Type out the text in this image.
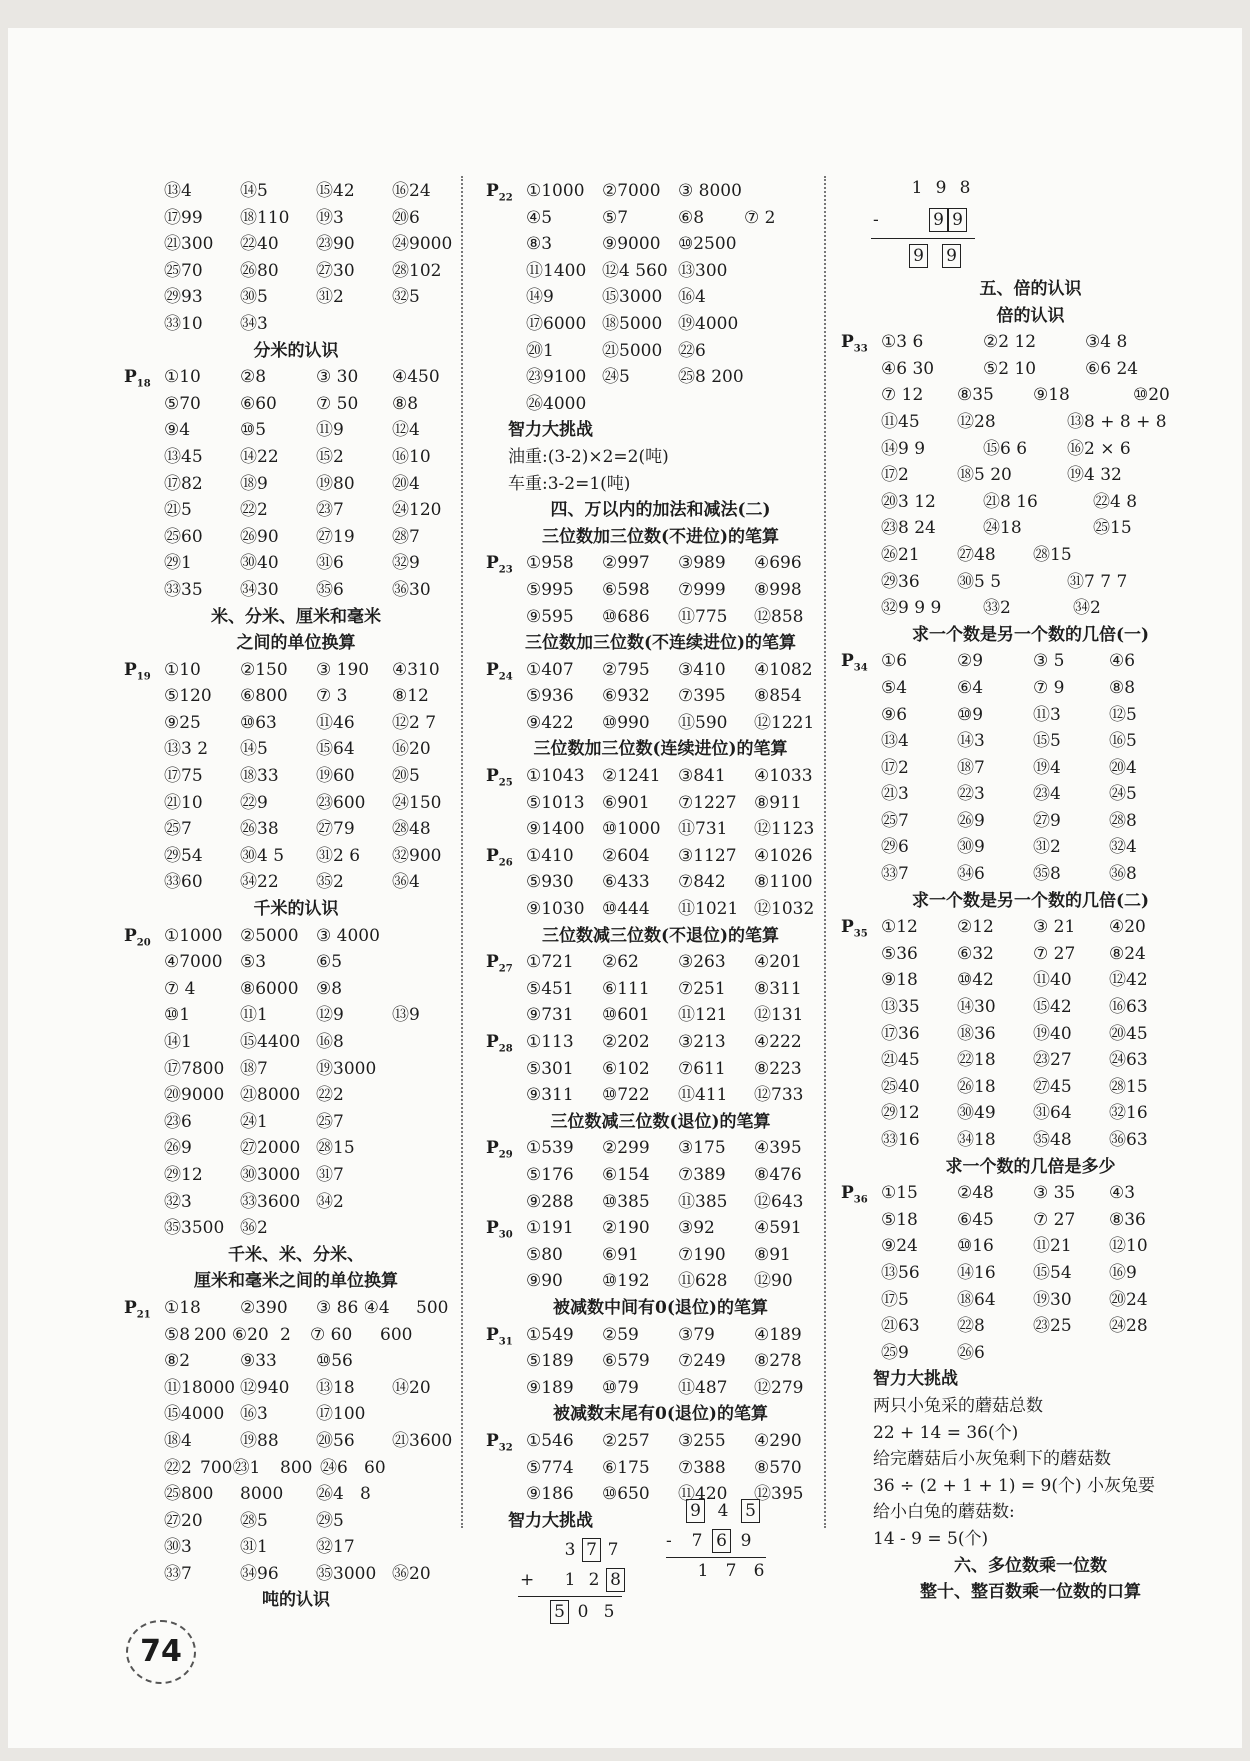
⑬4	⑭5	⑮42 ⑯24
⑰99 ⑱110 ⑲3	⑳6
㉑300 ㉒40 ㉓90 ㉔9000
㉕70 ㉖80 ㉗30 ㉘102
㉙93 ㉚5	㉛2	㉜5
㉝10 ㉞3
分米的认识
$P_{18}$ ①10 ②8	③ 30 ④450
⑤70 ⑥60 ⑦ 50 ⑧8
⑨4	⑩5	⑪9	⑫4
⑬45 ⑭22 ⑮2	⑯10
⑰82 ⑱9	⑲80 ⑳4
㉑5	㉒2	㉓7	㉔120
㉕60 ㉖90 ㉗19 ㉘7
㉙1	㉚40 ㉛6	㉜9
㉝35 ㉞30 ㉟6	㊱30
米、分米、厘米和毫米
之间的单位换算
$P_{19}$ ①10 ②150 ③ 190 ④310
⑤120 ⑥800 ⑦ 3	⑧12
⑨25 ⑩63 ⑪46 ⑫2 7
⑬3 2 ⑭5	⑮64 ⑯20
⑰75 ⑱33 ⑲60 ⑳5
㉑10 ㉒9	㉓600 ㉔150
㉕7	㉖38 ㉗79 ㉘48
㉙54 ㉚4 5 ㉛2 6 ㉜900
㉝60 ㉞22 ㉟2	㊱4
千米的认识
$P_{20}$ ①1000 ②5000 ③ 4000
④7000 ⑤3	⑥5
⑦ 4	⑧6000 ⑨8
⑩1	⑪1	⑫9	⑬9
⑭1	⑮4400 ⑯8
⑰7800 ⑱7	⑲3000
⑳9000 ㉑8000 ㉒2
㉓6	㉔1	㉕7
㉖9	㉗2000 ㉘15
㉙12 ㉚3000 ㉛7
㉜3	㉝3600 ㉞2
㉟3500 ㊱2
千米、米、分米、
厘米和毫米之间的单位换算
$P_{21}$ ①18 ②390 ③ 86 ④4 500
⑤8 200 ⑥20 2 ⑦ 60 600
⑧2	⑨33 ⑩56
⑪18000 ⑫940 ⑬18 ⑭20
⑮4000 ⑯3	⑰100
⑱4	⑲88 ⑳56 ㉑3600
㉒2 700㉓1 800 ㉔6 60
㉕800 8000 ㉖4 8
㉗20 ㉘5	㉙5
㉚3	㉛1	㉜17
㉝7	㉞96 ㉟3000 ㊱20
吨的认识
$P_{22}$ ①1000 ②7000 ③ 8000
④5	⑤7	⑥8 ⑦ 2
⑧3	⑨9000 ⑩2500
⑪1400 ⑫4 560 ⑬300
⑭9	⑮3000 ⑯4
⑰6000 ⑱5000 ⑲4000
⑳1	㉑5000 ㉒6
㉓9100 ㉔5	㉕8 200
㉖4000
智力大挑战
油重:(3-2)×2=2(吨)
车重:3-2=1(吨)
四、万以内的加法和减法(二)
三位数加三位数(不进位)的笔算
$P_{23}$ ①958 ②997 ③989 ④696
⑤995 ⑥598 ⑦999 ⑧998
⑨595 ⑩686 ⑪775 ⑫858
三位数加三位数(不连续进位)的笔算
$P_{24}$ ①407 ②795 ③410 ④1082
⑤936 ⑥932 ⑦395 ⑧854
⑨422 ⑩990 ⑪590 ⑫1221
三位数加三位数(连续进位)的笔算
$P_{25}$ ①1043 ②1241 ③841 ④1033
⑤1013 ⑥901 ⑦1227 ⑧911
⑨1400 ⑩1000 ⑪731 ⑫1123
$P_{26}$ ①410 ②604 ③1127 ④1026
⑤930 ⑥433 ⑦842 ⑧1100
⑨1030 ⑩444 ⑪1021 ⑫1032
三位数减三位数(不退位)的笔算
$P_{27}$ ①721 ②62 ③263 ④201
⑤451 ⑥111 ⑦251 ⑧311
⑨731 ⑩601 ⑪121 ⑫131
$P_{28}$ ①113 ②202 ③213 ④222
⑤301 ⑥102 ⑦611 ⑧223
⑨311 ⑩722 ⑪411 ⑫733
三位数减三位数(退位)的笔算
$P_{29}$ ①539 ②299 ③175 ④395
⑤176 ⑥154 ⑦389 ⑧476
⑨288 ⑩385 ⑪385 ⑫643
$P_{30}$ ①191 ②190 ③92 ④591
⑤80 ⑥91 ⑦190 ⑧91
⑨90 ⑩192 ⑪628 ⑫90
被减数中间有0(退位)的笔算
$P_{31}$ ①549 ②59 ③79 ④189
⑤189 ⑥579 ⑦249 ⑧278
⑨189 ⑩79 ⑪487 ⑫279
被减数末尾有0(退位)的笔算
$P_{32}$ ①546 ②257 ③255 ④290
⑤774 ⑥175 ⑦388 ⑧570
⑨186 ⑩650 ⑪420 ⑫395
智力大挑战
3 7 7
+ 1 2 8
5 0 5
9 4 5
- 7 6 9
1 7 6
1 9 8
-	9 9
9 9
五、倍的认识
倍的认识
$P_{33}$ ①3 6	②2 12	③4 8
④6 30	⑤2 10	⑥6 24
⑦ 12 ⑧35 ⑨18	⑩20
⑪45 ⑫28	⑬8 + 8 + 8
⑭9 9	⑮6 6 ⑯2 × 6
⑰2	⑱5 20	⑲4 32
⑳3 12	㉑8 16	㉒4 8
㉓8 24	㉔18	㉕15
㉖21 ㉗48 ㉘15
㉙36 ㉚5 5	㉛7 7 7
㉜9 9 9 ㉝2	㉞2
求一个数是另一个数的几倍(一)
$P_{34}$ ①6	②9	③ 5	④6
⑤4	⑥4	⑦ 9	⑧8
⑨6	⑩9	⑪3	⑫5
⑬4	⑭3	⑮5	⑯5
⑰2	⑱7	⑲4	⑳4
㉑3	㉒3	㉓4	㉔5
㉕7	㉖9	㉗9	㉘8
㉙6	㉚9	㉛2	㉜4
㉝7	㉞6	㉟8	㊱8
求一个数是另一个数的几倍(二)
$P_{35}$ ①12 ②12 ③ 21 ④20
⑤36 ⑥32 ⑦ 27 ⑧24
⑨18 ⑩42 ⑪40 ⑫42
⑬35 ⑭30 ⑮42 ⑯63
⑰36 ⑱36 ⑲40 ⑳45
㉑45 ㉒18 ㉓27 ㉔63
㉕40 ㉖18 ㉗45 ㉘15
㉙12 ㉚49 ㉛64 ㉜16
㉝16 ㉞18 ㉟48 ㊱63
求一个数的几倍是多少
$P_{36}$ ①15 ②48 ③ 35 ④3
⑤18 ⑥45 ⑦ 27 ⑧36
⑨24 ⑩16 ⑪21 ⑫10
⑬56 ⑭16 ⑮54 ⑯9
⑰5	⑱64 ⑲30 ⑳24
㉑63 ㉒8	㉓25 ㉔28
㉕9	㉖6
智力大挑战
两只小兔采的蘑菇总数
22 + 14 = 36(个)
给完蘑菇后小灰兔剩下的蘑菇数
36 ÷ (2 + 1 + 1) = 9(个) 小灰兔要
给小白兔的蘑菇数:
14 - 9 = 5(个)
六、多位数乘一位数
整十、整百数乘一位数的口算
74
